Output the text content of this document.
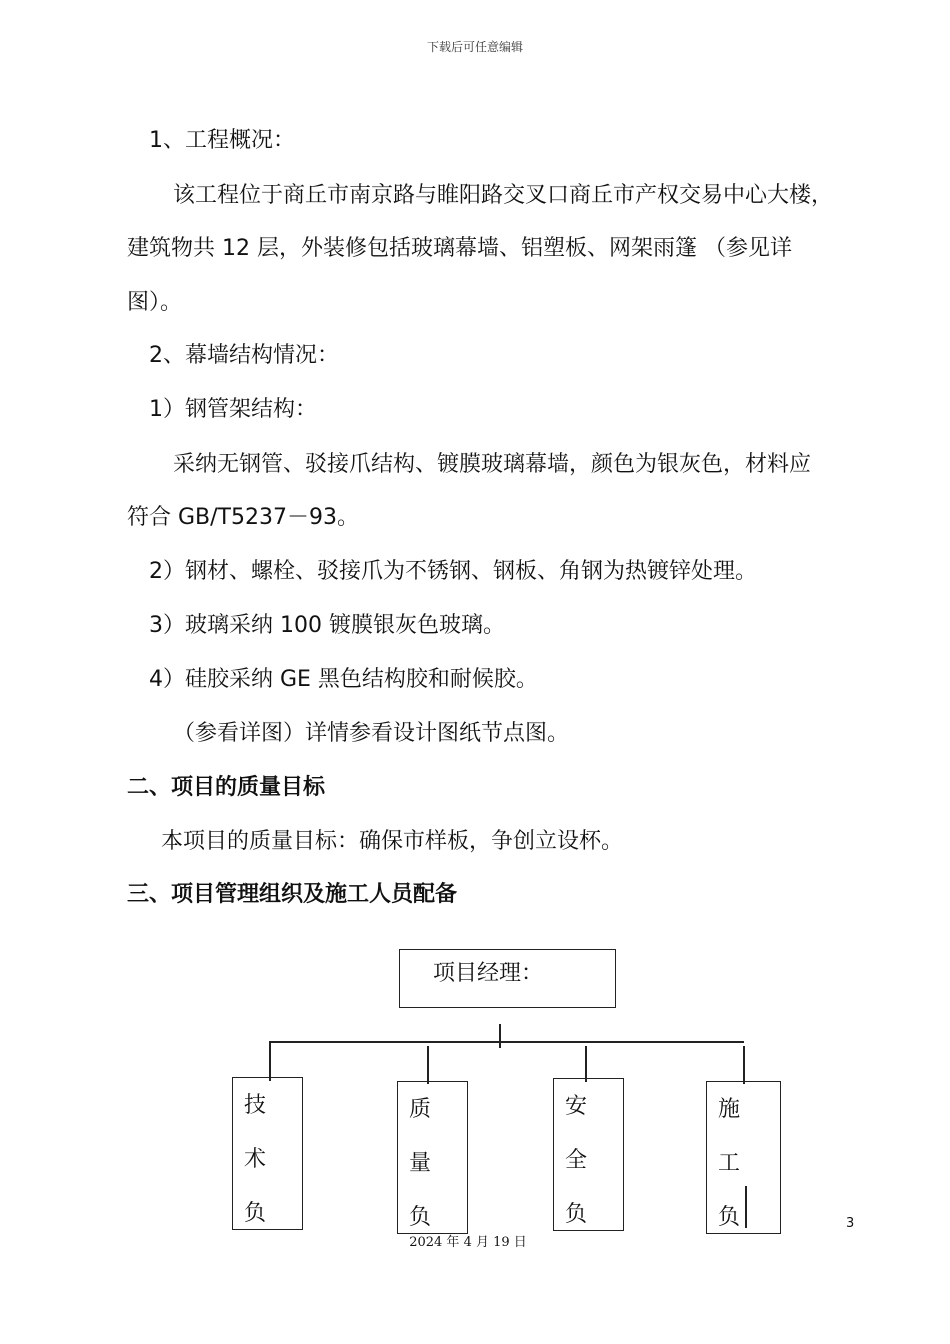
下载后可任意编辑
1、工程概况：
该工程位于商丘市南京路与睢阳路交叉口商丘市产权交易中心大楼，
建筑物共 12 层，外装修包括玻璃幕墙、铝塑板、网架雨篷 （参见详
图）。
2、幕墙结构情况：
1）钢管架结构：
采纳无钢管、驳接爪结构、镀膜玻璃幕墙，颜色为银灰色，材料应
符合 GB/T5237－93。
2）钢材、螺栓、驳接爪为不锈钢、钢板、角钢为热镀锌处理。
3）玻璃采纳 100 镀膜银灰色玻璃。
4）硅胶采纳 GE 黑色结构胶和耐候胶。
（参看详图）详情参看设计图纸节点图。
二、项目的质量目标
本项目的质量目标：确保市样板，争创立设杯。
三、项目管理组织及施工人员配备
项目经理：
技
术
负
质
量
负
安
全
负
施
工
负	3
2024 年 4 月 19 日
